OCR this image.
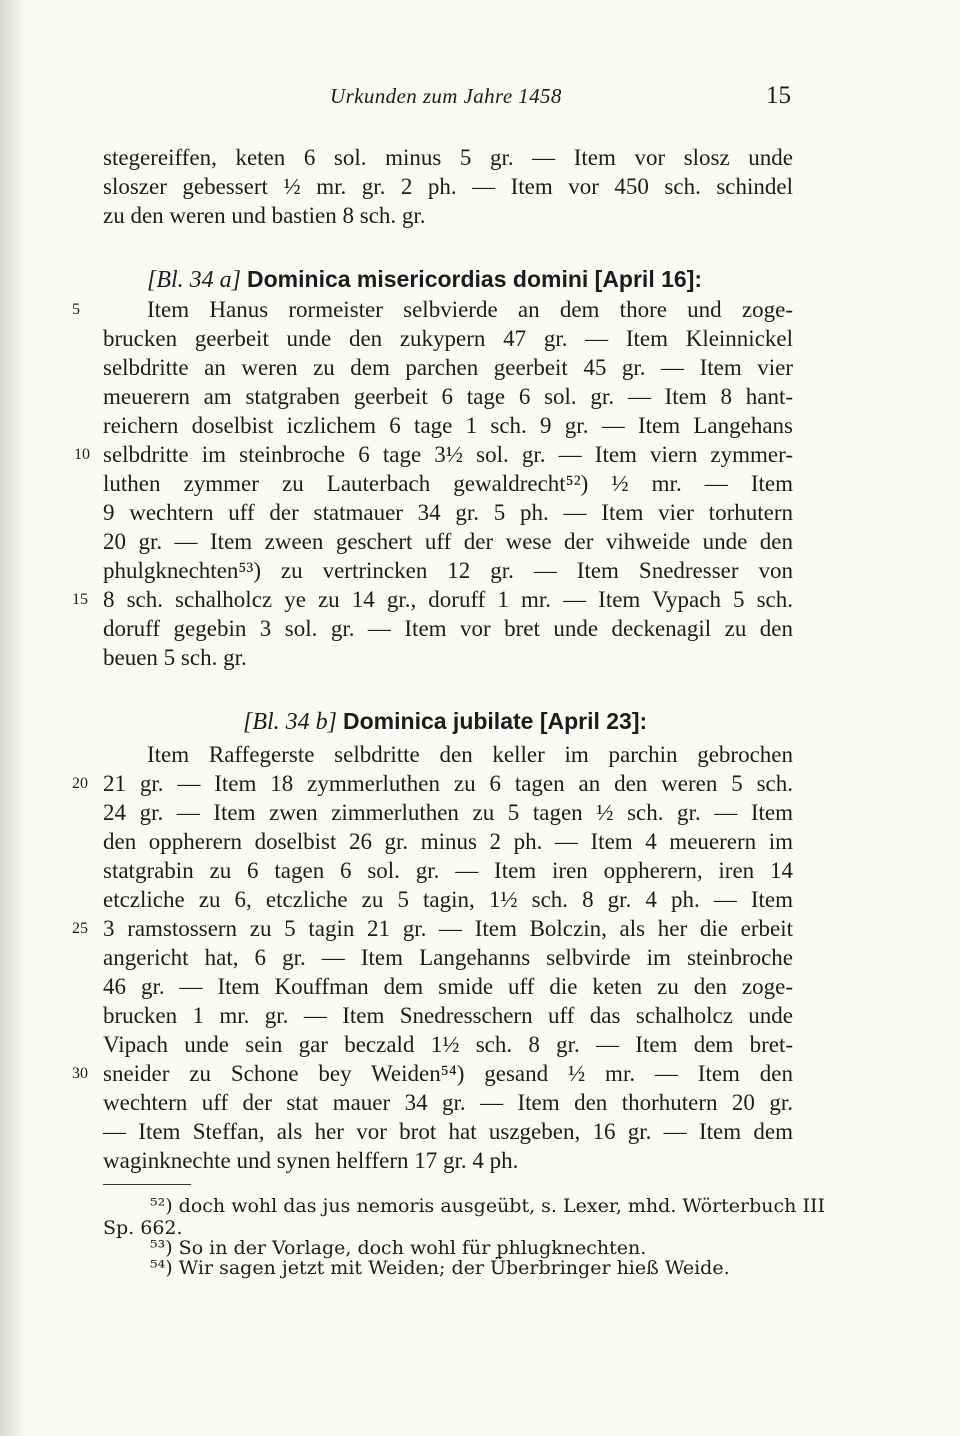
Urkunden zum Jahre 1458	15
stegereiffen, keten 6 sol. minus 5 gr. — Item vor slosz unde
sloszer gebessert ½ mr. gr. 2 ph. — Item vor 450 sch. schindel
zu den weren und bastien 8 sch. gr.
[Bl. 34 a] Dominica misericordias domini [April 16]:
Item Hanus rormeister selbvierde an dem thore und zoge-
brucken geerbeit unde den zukypern 47 gr. — Item Kleinnickel
selbdritte an weren zu dem parchen geerbeit 45 gr. — Item vier
meuerern am statgraben geerbeit 6 tage 6 sol. gr. — Item 8 hant-
reichern doselbist iczlichem 6 tage 1 sch. 9 gr. — Item Langehans
selbdritte im steinbroche 6 tage 3½ sol. gr. — Item viern zymmer-
luthen zymmer zu Lauterbach gewaldrecht⁵²) ½ mr. — Item
9 wechtern uff der statmauer 34 gr. 5 ph. — Item vier torhutern
20 gr. — Item zween geschert uff der wese der vihweide unde den
phulgknechten⁵³) zu vertrincken 12 gr. — Item Snedresser von
8 sch. schalholcz ye zu 14 gr., doruff 1 mr. — Item Vypach 5 sch.
doruff gegebin 3 sol. gr. — Item vor bret unde deckenagil zu den
beuen 5 sch. gr.
[Bl. 34 b] Dominica jubilate [April 23]:
Item Raffegerste selbdritte den keller im parchin gebrochen
21 gr. — Item 18 zymmerluthen zu 6 tagen an den weren 5 sch.
24 gr. — Item zwen zimmerluthen zu 5 tagen ½ sch. gr. — Item
den oppherern doselbist 26 gr. minus 2 ph. — Item 4 meuerern im
statgrabin zu 6 tagen 6 sol. gr. — Item iren oppherern, iren 14
etczliche zu 6, etczliche zu 5 tagin, 1½ sch. 8 gr. 4 ph. — Item
3 ramstossern zu 5 tagin 21 gr. — Item Bolczin, als her die erbeit
angericht hat, 6 gr. — Item Langehanns selbvirde im steinbroche
46 gr. — Item Kouffman dem smide uff die keten zu den zoge-
brucken 1 mr. gr. — Item Snedresschern uff das schalholcz unde
Vipach unde sein gar beczald 1½ sch. 8 gr. — Item dem bret-
sneider zu Schone bey Weiden⁵⁴) gesand ½ mr. — Item den
wechtern uff der stat mauer 34 gr. — Item den thorhutern 20 gr.
— Item Steffan, als her vor brot hat uszgeben, 16 gr. — Item dem
waginknechte und synen helffern 17 gr. 4 ph.
5
10
15
20
25
30
⁵²) doch wohl das jus nemoris ausgeübt, s. Lexer, mhd. Wörterbuch III
Sp. 662.
⁵³) So in der Vorlage, doch wohl für phlugknechten.
⁵⁴) Wir sagen jetzt mit Weiden; der Überbringer hieß Weide.
